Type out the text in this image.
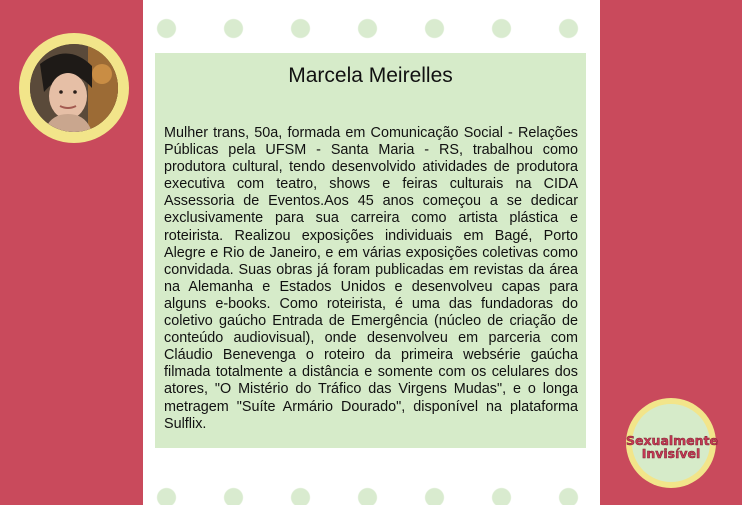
Marcela Meirelles
Mulher trans, 50a, formada em Comunicação Social - Relações Públicas pela UFSM - Santa Maria - RS, trabalhou como produtora cultural, tendo desenvolvido atividades de produtora executiva com teatro, shows e feiras culturais na CIDA Assessoria de Eventos.Aos 45 anos começou a se dedicar exclusivamente para sua carreira como artista plástica e roteirista. Realizou exposições individuais em Bagé, Porto Alegre e Rio de Janeiro, e em várias exposições coletivas como convidada. Suas obras já foram publicadas em revistas da área na Alemanha e Estados Unidos e desenvolveu capas para alguns e-books. Como roteirista, é uma das fundadoras do coletivo gaúcho Entrada de Emergência (núcleo de criação de conteúdo audiovisual), onde desenvolveu em parceria com Cláudio Benevenga o roteiro da primeira websérie gaúcha filmada totalmente a distância e somente com os celulares dos atores, "O Mistério do Tráfico das Virgens Mudas", e o longa metragem "Suíte Armário Dourado", disponível na plataforma Sulflix.
Sexualmente
Invisível
